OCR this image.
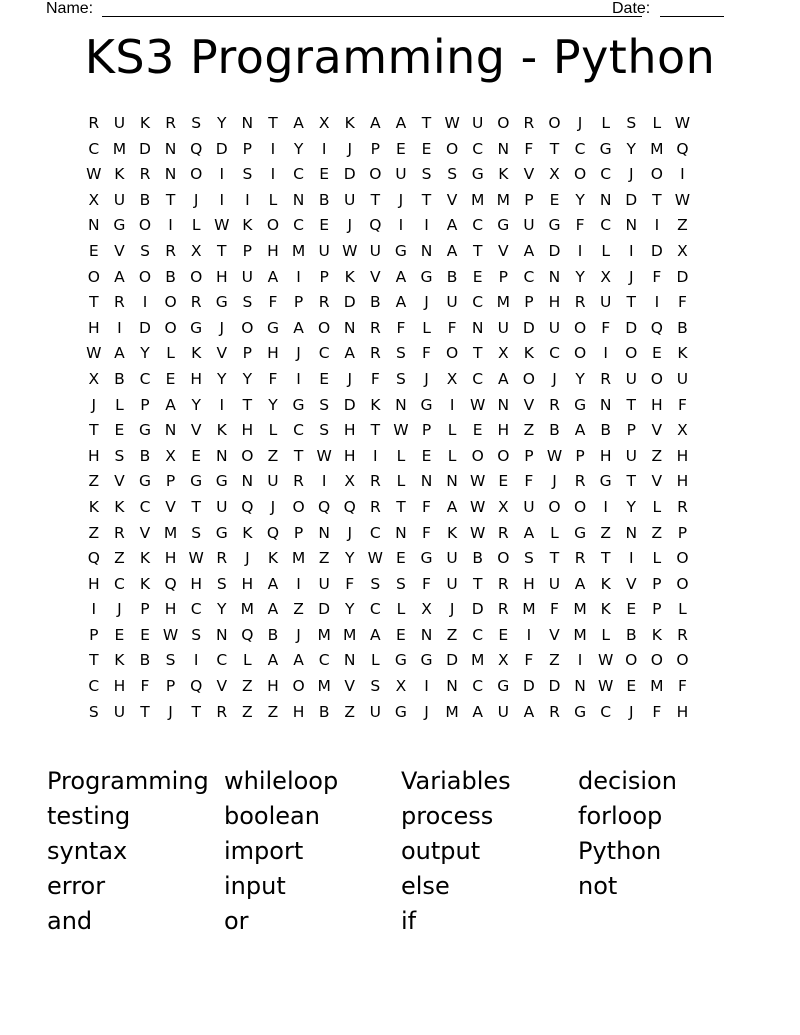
Name:	Date:
KS3 Programming - Python
R U K R S	Y N T	A X K A A	T W U O R O	J	L	S	L W
C M D N Q D P	I	Y	I	J	P	E	E O C N F	T C G Y M Q
W K R N O	I	S	I	C E D O U S	S G K V X O C	J	O	I
X U B	T	J	I	I	L N B U T	J	T	V M M P	E	Y N D T W
N G O	I	L W K O C E	J	Q	I	I	A C G U G F	C N	I	Z
E V S R X	T	P H M U W U G N A	T	V A D	I	L	I	D X
O A O B O H U A	I	P	K V A G B E	P	C N Y	X	J	F D
T R	I	O R G S	F	P	R D B A	J	U C M P H R U T	I	F
H	I	D O G	J	O G A O N R	F	L	F N U D U O F D Q B
W A	Y	L	K V	P H	J	C A R S	F O T	X K C O	I	O E	K
X B C E H Y	Y	F	I	E	J	F	S	J	X C A O	J	Y R U O U
J	L	P	A	Y	I	T	Y G S D K N G	I	W N V R G N T H F
T	E G N V K H L	C S H T W P	L	E H Z B A B	P	V X
H S B X E N O Z	T W H	I	L	E	L O O P W P H U Z H
Z V G P G G N U R	I	X R	L N N W E	F	J	R G T	V H
K K C V	T U Q	J	O Q Q R T	F	A W X U O O	I	Y	L	R
Z R V M S G K Q P N	J	C N F	K W R A	L G Z N Z	P
Q Z K H W R	J	K M Z	Y W E G U B O S	T R T	I	L O
H C K Q H S H A	I	U F	S	S	F U T R H U A K V	P O
I	J	P H C Y M A Z D Y C	L	X	J	D R M F M K	E	P	L
P	E	E W S N Q B	J	M M A E N Z C E	I	V M L	B K R
T	K B S	I	C	L	A A C N L G G D M X	F	Z	I	W O O O
C H F	P Q V Z H O M V S X	I	N C G D D N W E M F
S U T	J	T R Z Z H B Z U G	J	M A U A R G C	J	F H
Programming whileloop	Variables	decision
testing	boolean	process	forloop
syntax	import	output	Python
error	input	else	not
and	or	if
